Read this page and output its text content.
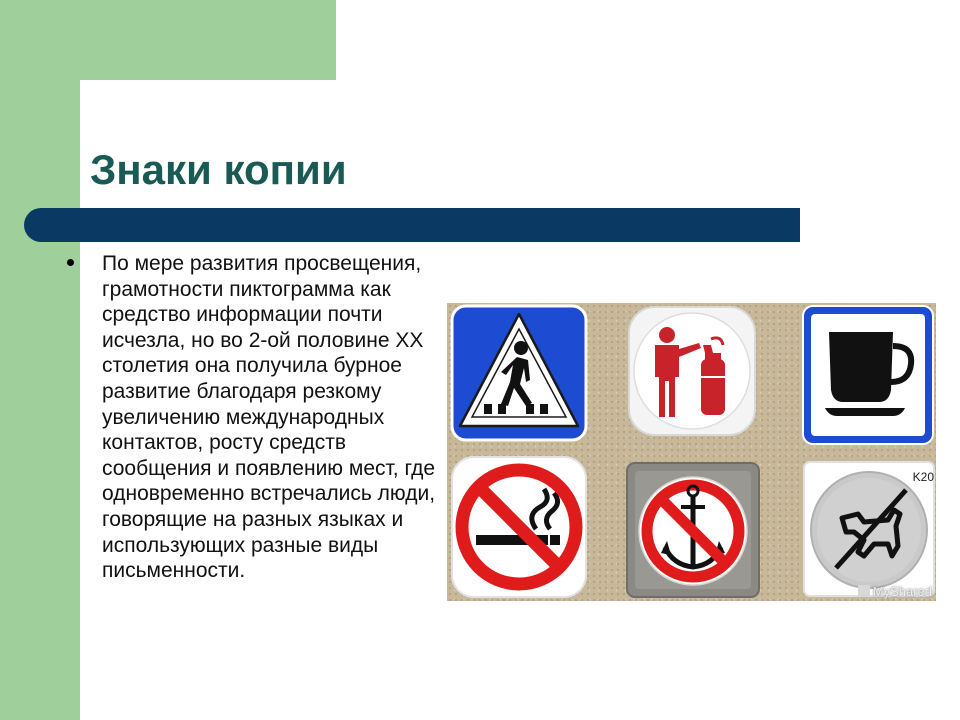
Знаки копии

По мере развития просвещения, грамотности пиктограмма как средство информации почти исчезла, но во 2-ой половине XX столетия она получила бурное развитие благодаря резкому увеличению международных контактов, росту средств сообщения и появлению мест, где одновременно встречались люди, говорящие на разных языках и использующих разные виды письменности.

K20
MyShared
